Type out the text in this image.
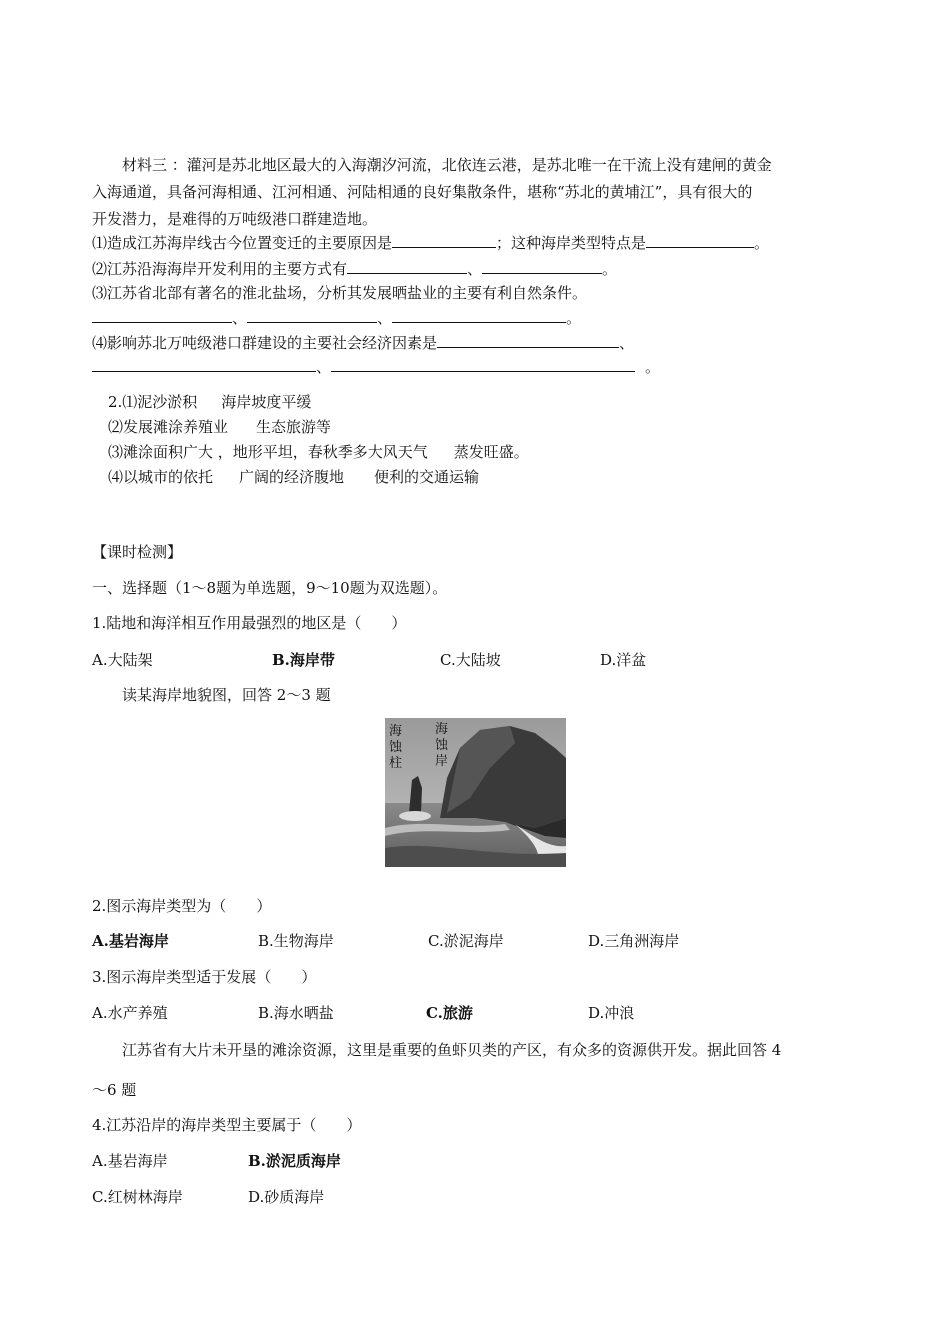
材料三 ：灌河是苏北地区最大的入海潮汐河流，北依连云港，是苏北唯一在干流上没有建闸的黄金
入海通道，具备河海相通、江河相通、河陆相通的良好集散条件，堪称“苏北的黄埔江”，具有很大的
开发潜力，是难得的万吨级港口群建造地。
⑴造成江苏海岸线古今位置变迁的主要原因是	；这种海岸类型特点是	。
⑵江苏沿海海岸开发利用的主要方式有	、	。
⑶江苏省北部有著名的淮北盐场，分析其发展晒盐业的主要有利自然条件。
、	、	。
⑷影响苏北万吨级港口群建设的主要社会经济因素是	、
、	。
2.⑴泥沙淤积 海岸坡度平缓
⑵发展滩涂养殖业 生态旅游等
⑶滩涂面积广大 ，地形平坦，春秋季多大风天气 蒸发旺盛。
⑷以城市的依托 广阔的经济腹地 便利的交通运输
【课时检测】
一、选择题（1～8题为单选题，9～10题为双选题）。
1.陆地和海洋相互作用最强烈的地区是（　　）
A.大陆架	B.海岸带	C.大陆坡	D.洋盆
读某海岸地貌图，回答 2～3 题
海蚀柱
海蚀岸
2.图示海岸类型为（　　）
A.基岩海岸	B.生物海岸	C.淤泥海岸	D.三角洲海岸
3.图示海岸类型适于发展（　　）
A.水产养殖	B.海水晒盐	C.旅游	D.冲浪
江苏省有大片未开垦的滩涂资源，这里是重要的鱼虾贝类的产区，有众多的资源供开发。据此回答 4
～6 题
4.江苏沿岸的海岸类型主要属于（　　）
A.基岩海岸	B.淤泥质海岸
C.红树林海岸	D.砂质海岸
